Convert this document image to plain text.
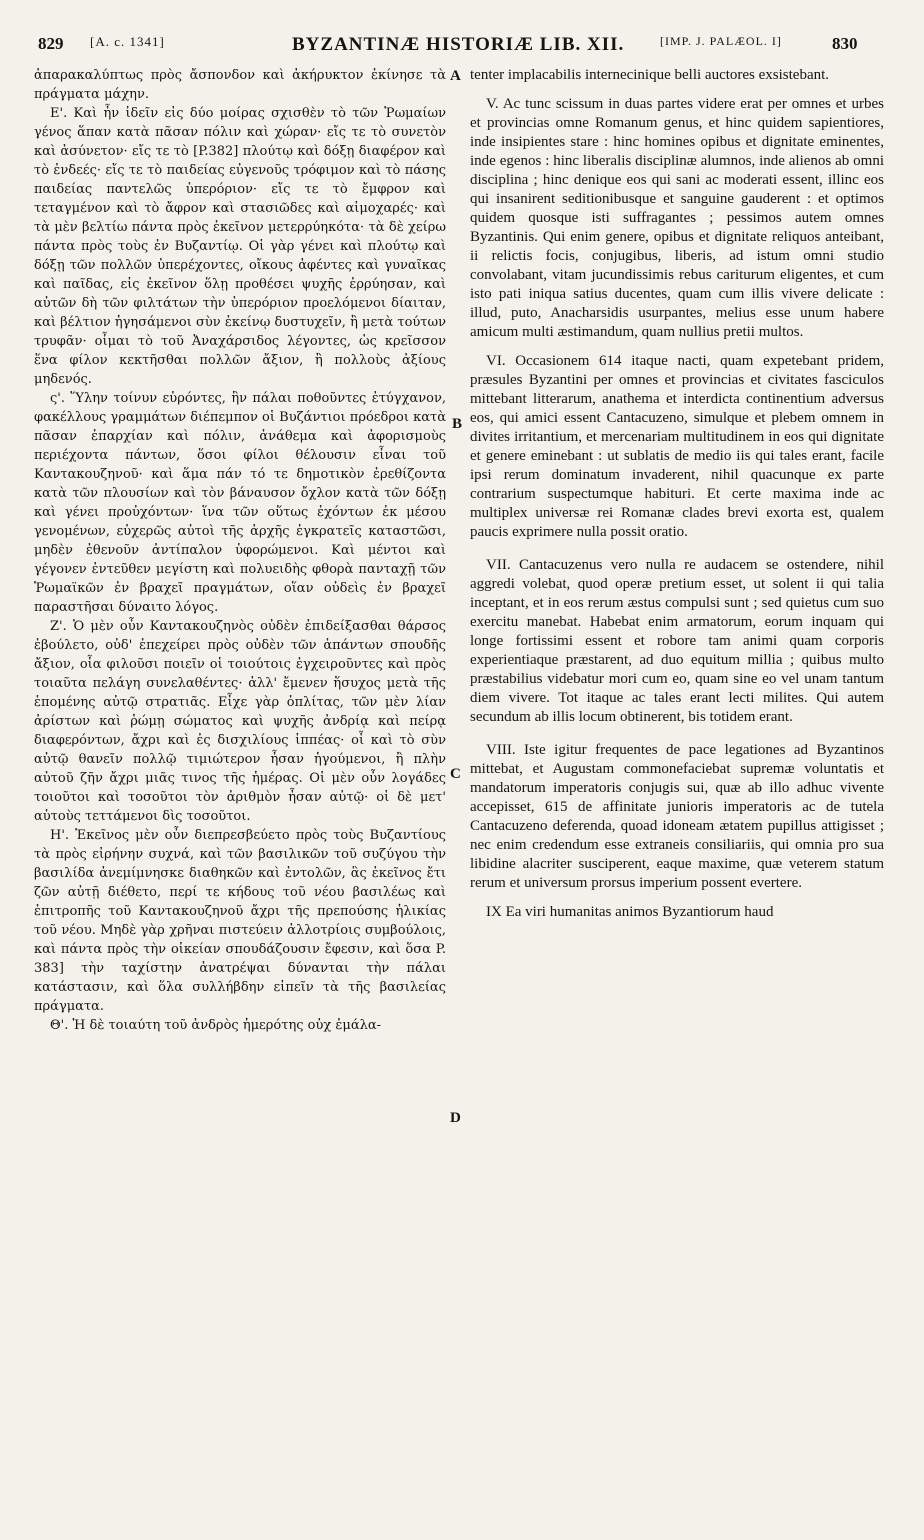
829 [A. c. 1341]	BYZANTINÆ HISTORIÆ LIB. XII.	[IMP. J. PALÆOL. I]	830

ἀπαρακαλύπτως πρὸς ἄσπονδον καὶ ἀκήρυκτον ἐκίνησε τὰ πράγματα μάχην.

Ε'. Καὶ ἦν ἰδεῖν εἰς δύο μοίρας σχισθὲν τὸ τῶν Ῥωμαίων γένος ἅπαν κατὰ πᾶσαν πόλιν καὶ χώραν· εἴς τε τὸ συνετὸν καὶ ἀσύνετον· εἴς τε τὸ [P.382] πλούτῳ καὶ δόξῃ διαφέρον καὶ τὸ ἐνδεές· εἴς τε τὸ παιδείας εὐγενοῦς τρόφιμον καὶ τὸ πάσης παιδείας παντελῶς ὑπερόριον· εἴς τε τὸ ἔμφρον καὶ τεταγμένον καὶ τὸ ἄφρον καὶ στασιῶδες καὶ αἱμοχαρές· καὶ τὰ μὲν βελτίω πάντα πρὸς ἐκεῖνον μετερρύηκότα· τὰ δὲ χείρω πάντα πρὸς τοὺς ἐν Βυζαντίῳ. Οἱ γὰρ γένει καὶ πλούτῳ καὶ δόξῃ τῶν πολλῶν ὑπερέχοντες, οἴκους ἀφέντες καὶ γυναῖκας καὶ παῖδας, εἰς ἐκεῖνον ὅλῃ προθέσει ψυχῆς ἐρρύησαν, καὶ αὐτῶν δὴ τῶν φιλτάτων τὴν ὑπερόριον προελόμενοι δίαιταν, καὶ βέλτιον ἡγησάμενοι σὺν ἐκείνῳ δυστυχεῖν, ἢ μετὰ τούτων τρυφᾶν· οἶμαι τὸ τοῦ Ἀναχάρσιδος λέγοντες, ὡς κρεῖσσον ἕνα φίλον κεκτῆσθαι πολλῶν ἄξιον, ἢ πολλοὺς ἀξίους μηδενός.

ς'. Ὕλην τοίνυν εὑρόντες, ἣν πάλαι ποθοῦντες ἐτύγχανον, φακέλλους γραμμάτων διέπεμπον οἱ Βυζάντιοι πρόεδροι κατὰ πᾶσαν ἐπαρχίαν καὶ πόλιν, ἀνάθεμα καὶ ἀφορισμοὺς περιέχοντα πάντων, ὅσοι φίλοι θέλουσιν εἶναι τοῦ Καντακουζηνοῦ· καὶ ἅμα πάν τό τε δημοτικὸν ἐρεθίζοντα κατὰ τῶν πλουσίων καὶ τὸν βάναυσον ὄχλον κατὰ τῶν δόξῃ καὶ γένει προὐχόντων· ἵνα τῶν οὕτως ἐχόντων ἐκ μέσου γενομένων, εὐχερῶς αὐτοὶ τῆς ἀρχῆς ἐγκρατεῖς καταστῶσι, μηδὲν ἐθενοῦν ἀντίπαλον ὑφορώμενοι. Καὶ μέντοι καὶ γέγονεν ἐντεῦθεν μεγίστη καὶ πολυειδὴς φθορὰ πανταχῇ τῶν Ῥωμαϊκῶν ἐν βραχεῖ πραγμάτων, οἵαν οὐδεὶς ἐν βραχεῖ παραστῆσαι δύναιτο λόγος.

Ζ'. Ὁ μὲν οὖν Καντακουζηνὸς οὐδὲν ἐπιδείξασθαι θάρσος ἐβούλετο, οὐδ' ἐπεχείρει πρὸς οὐδὲν τῶν ἁπάντων σπουδῆς ἄξιον, οἷα φιλοῦσι ποιεῖν οἱ τοιούτοις ἐγχειροῦντες καὶ πρὸς τοιαῦτα πελάγη συνελαθέντες· ἀλλ' ἔμενεν ἥσυχος μετὰ τῆς ἑπομένης αὐτῷ στρατιᾶς. Εἶχε γὰρ ὁπλίτας, τῶν μὲν λίαν ἀρίστων καὶ ῥώμῃ σώματος καὶ ψυχῆς ἀνδρίᾳ καὶ πείρᾳ διαφερόντων, ἄχρι καὶ ἐς δισχιλίους ἱππέας· οἷ καὶ τὸ σὺν αὐτῷ θανεῖν πολλῷ τιμιώτερον ἦσαν ἡγούμενοι, ἢ πλὴν αὐτοῦ ζῆν ἄχρι μιᾶς τινος τῆς ἡμέρας. Οἱ μὲν οὖν λογάδες τοιοῦτοι καὶ τοσοῦτοι τὸν ἀριθμὸν ἦσαν αὐτῷ· οἱ δὲ μετ' αὐτοὺς τεττάμενοι δὶς τοσοῦτοι.

Η'. Ἐκεῖνος μὲν οὖν διεπρεσβεύετο πρὸς τοὺς Βυζαντίους τὰ πρὸς εἰρήνην συχνά, καὶ τῶν βασιλικῶν τοῦ συζύγου τὴν βασιλίδα ἀνεμίμνησκε διαθηκῶν καὶ ἐντολῶν, ἃς ἐκεῖνος ἔτι ζῶν αὐτῇ διέθετο, περί τε κήδους τοῦ νέου βασιλέως καὶ ἐπιτροπῆς τοῦ Καντακουζηνοῦ ἄχρι τῆς πρεπούσης ἡλικίας τοῦ νέου. Μηδὲ γὰρ χρῆναι πιστεύειν ἀλλοτρίοις συμβούλοις, καὶ πάντα πρὸς τὴν οἰκείαν σπουδάζουσιν ἔφεσιν, καὶ ὅσα P. 383] τὴν ταχίστην ἀνατρέψαι δύνανται τὴν πάλαι κατάστασιν, καὶ ὅλα συλλήβδην εἰπεῖν τὰ τῆς βασιλείας πράγματα.

Θ'. Ἡ δὲ τοιαύτη τοῦ ἀνδρὸς ἡμερότης οὐχ ἐμάλα-

A
B
C
D

tenter implacabilis internecinique belli auctores exsistebant.

V. Ac tunc scissum in duas partes videre erat per omnes et urbes et provincias omne Romanum genus, et hinc quidem sapientiores, inde insipientes stare : hinc homines opibus et dignitate eminentes, inde egenos : hinc liberalis disciplinæ alumnos, inde alienos ab omni disciplina ; hinc denique eos qui sani ac moderati essent, illinc eos qui insanirent seditionibusque et sanguine gauderent : et optimos quidem quosque isti suffragantes ; pessimos autem omnes Byzantinis. Qui enim genere, opibus et dignitate reliquos anteibant, ii relictis focis, conjugibus, liberis, ad istum omni studio convolabant, vitam jucundissimis rebus cariturum eligentes, et cum isto pati iniqua satius ducentes, quam cum illis vivere delicate : illud, puto, Anacharsidis usurpantes, melius esse unum habere amicum multi æstimandum, quam nullius pretii multos.

VI. Occasionem 614 itaque nacti, quam expetebant pridem, præsules Byzantini per omnes et provincias et civitates fasciculos mittebant litterarum, anathema et interdicta continentium adversus eos, qui amici essent Cantacuzeno, simulque et plebem omnem in divites irritantium, et mercenariam multitudinem in eos qui dignitate et genere eminebant : ut sublatis de medio iis qui tales erant, facile ipsi rerum dominatum invaderent, nihil quacunque ex parte contrarium suspectumque habituri. Et certe maxima inde ac multiplex universæ rei Romanæ clades brevi exorta est, qualem paucis exprimere nulla possit oratio.

VII. Cantacuzenus vero nulla re audacem se ostendere, nihil aggredi volebat, quod operæ pretium esset, ut solent ii qui talia inceptant, et in eos rerum æstus compulsi sunt ; sed quietus cum suo exercitu manebat. Habebat enim armatorum, eorum inquam qui longe fortissimi essent et robore tam animi quam corporis experientiaque præstarent, ad duo equitum millia ; quibus multo præstabilius videbatur mori cum eo, quam sine eo vel unam tantum diem vivere. Tot itaque ac tales erant lecti milites. Qui autem secundum ab illis locum obtinerent, bis totidem erant.

VIII. Iste igitur frequentes de pace legationes ad Byzantinos mittebat, et Augustam commonefaciebat supremæ voluntatis et mandatorum imperatoris conjugis sui, quæ ab illo adhuc vivente accepisset, 615 de affinitate junioris imperatoris ac de tutela Cantacuzeno deferenda, quoad idoneam ætatem pupillus attigisset ; nec enim credendum esse extraneis consiliariis, qui omnia pro sua libidine alacriter susciperent, eaque maxime, quæ veterem statum rerum et universum prorsus imperium possent evertere.

IX Ea viri humanitas animos Byzantiorum haud
